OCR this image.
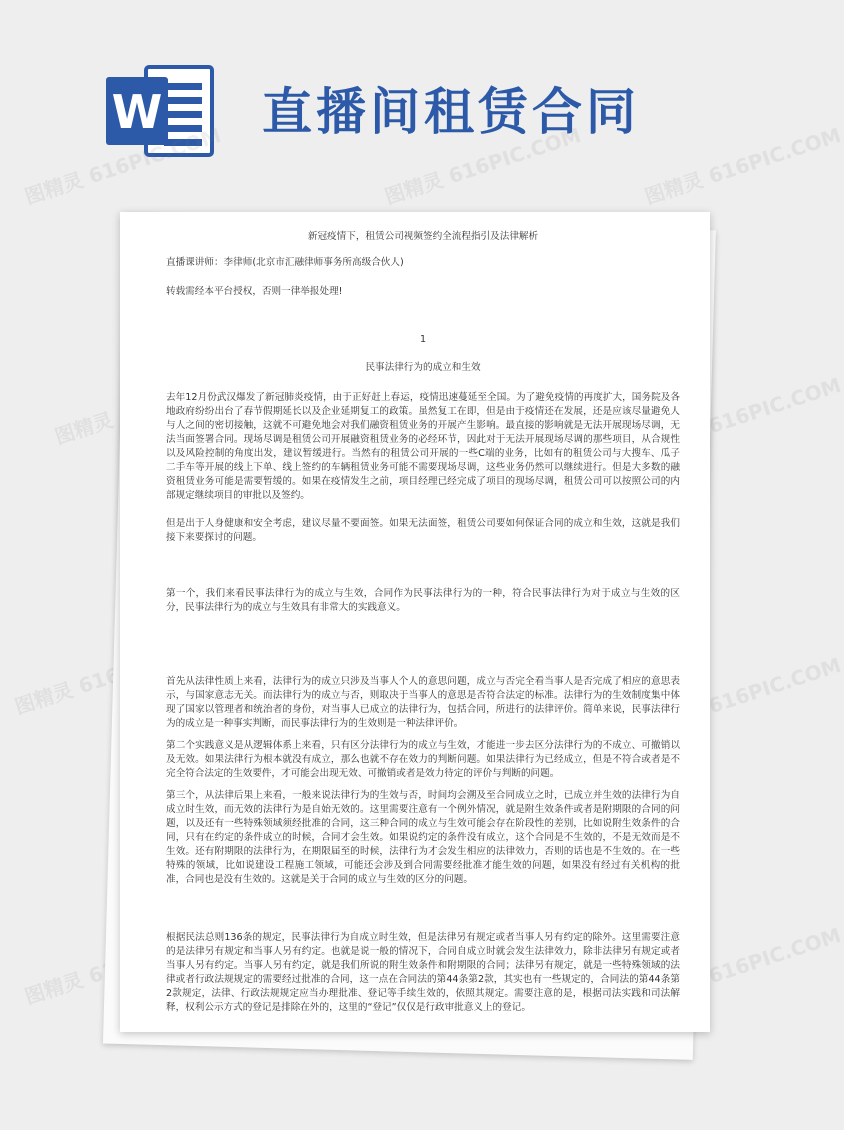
W 直播间租赁合同
图精灵	图精灵 616PIC.COM
图精灵	图精灵 616PIC.COM
图精灵	图精灵 616PIC.COM

新冠疫情下，租赁公司视频签约全流程指引及法律解析

直播课讲师：李律师(北京市汇融律师事务所高级合伙人)

转载需经本平台授权，否则一律举报处理!

1

民事法律行为的成立和生效

去年12月份武汉爆发了新冠肺炎疫情，由于正好赶上春运，疫情迅速蔓延至全国。为了避免疫情的再度扩大，国务院及各地政府纷纷出台了春节假期延长以及企业延期复工的政策。虽然复工在即，但是由于疫情还在发展，还是应该尽量避免人与人之间的密切接触，这就不可避免地会对我们融资租赁业务的开展产生影响。最直接的影响就是无法开展现场尽调，无法当面签署合同。现场尽调是租赁公司开展融资租赁业务的必经环节，因此对于无法开展现场尽调的那些项目，从合规性以及风险控制的角度出发，建议暂缓进行。当然有的租赁公司开展的一些C端的业务，比如有的租赁公司与大搜车、瓜子二手车等开展的线上下单、线上签约的车辆租赁业务可能不需要现场尽调，这些业务仍然可以继续进行。但是大多数的融资租赁业务可能是需要暂缓的。如果在疫情发生之前，项目经理已经完成了项目的现场尽调，租赁公司可以按照公司的内部规定继续项目的审批以及签约。

但是出于人身健康和安全考虑，建议尽量不要面签。如果无法面签，租赁公司要如何保证合同的成立和生效，这就是我们接下来要探讨的问题。

第一个，我们来看民事法律行为的成立与生效，合同作为民事法律行为的一种，符合民事法律行为对于成立与生效的区分，民事法律行为的成立与生效具有非常大的实践意义。

首先从法律性质上来看，法律行为的成立只涉及当事人个人的意思问题，成立与否完全看当事人是否完成了相应的意思表示，与国家意志无关。而法律行为的成立与否，则取决于当事人的意思是否符合法定的标准。法律行为的生效制度集中体现了国家以管理者和统治者的身份，对当事人已成立的法律行为，包括合同，所进行的法律评价。简单来说，民事法律行为的成立是一种事实判断，而民事法律行为的生效则是一种法律评价。

第二个实践意义是从逻辑体系上来看，只有区分法律行为的成立与生效，才能进一步去区分法律行为的不成立、可撤销以及无效。如果法律行为根本就没有成立，那么也就不存在效力的判断问题。如果法律行为已经成立，但是不符合或者是不完全符合法定的生效要件，才可能会出现无效、可撤销或者是效力待定的评价与判断的问题。

第三个，从法律后果上来看，一般来说法律行为的生效与否，时间均会溯及至合同成立之时，已成立并生效的法律行为自成立时生效，而无效的法律行为是自始无效的。这里需要注意有一个例外情况，就是附生效条件或者是附期限的合同的问题，以及还有一些特殊领域须经批准的合同，这三种合同的成立与生效可能会存在阶段性的差别，比如说附生效条件的合同，只有在约定的条件成立的时候，合同才会生效。如果说约定的条件没有成立，这个合同是不生效的，不是无效而是不生效。还有附期限的法律行为，在期限届至的时候，法律行为才会发生相应的法律效力，否则的话也是不生效的。在一些特殊的领域，比如说建设工程施工领域，可能还会涉及到合同需要经批准才能生效的问题，如果没有经过有关机构的批准，合同也是没有生效的。这就是关于合同的成立与生效的区分的问题。

根据民法总则136条的规定，民事法律行为自成立时生效，但是法律另有规定或者当事人另有约定的除外。这里需要注意的是法律另有规定和当事人另有约定。也就是说一般的情况下，合同自成立时就会发生法律效力，除非法律另有规定或者当事人另有约定。当事人另有约定，就是我们所说的附生效条件和附期限的合同；法律另有规定，就是一些特殊领域的法律或者行政法规规定的需要经过批准的合同，这一点在合同法的第44条第2款，其实也有一些规定的，合同法的第44条第2款规定，法律、行政法规规定应当办理批准、登记等手续生效的，依照其规定。需要注意的是，根据司法实践和司法解释，权利公示方式的登记是排除在外的，这里的“登记”仅仅是行政审批意义上的登记。
